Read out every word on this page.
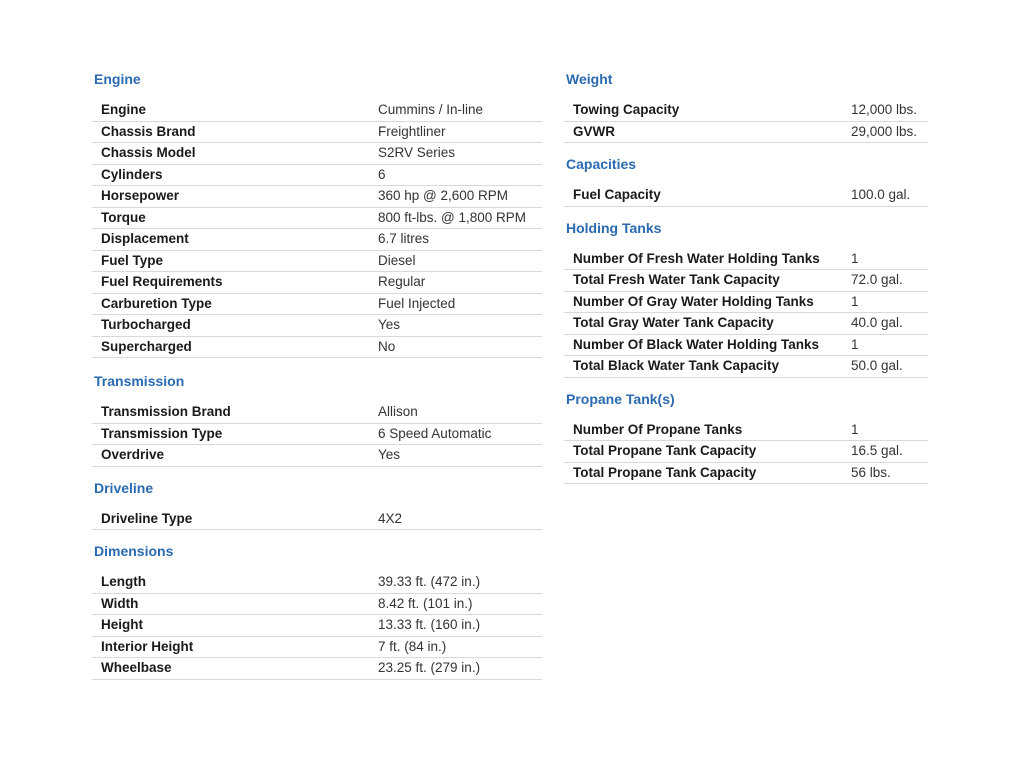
Engine
Engine	Cummins / In-line
Chassis Brand	Freightliner
Chassis Model	S2RV Series
Cylinders	6
Horsepower	360 hp @ 2,600 RPM
Torque	800 ft-lbs. @ 1,800 RPM
Displacement	6.7 litres
Fuel Type	Diesel
Fuel Requirements	Regular
Carburetion Type	Fuel Injected
Turbocharged	Yes
Supercharged	No
Transmission
Transmission Brand	Allison
Transmission Type	6 Speed Automatic
Overdrive	Yes
Driveline
Driveline Type	4X2
Dimensions
Length	39.33 ft. (472 in.)
Width	8.42 ft. (101 in.)
Height	13.33 ft. (160 in.)
Interior Height	7 ft. (84 in.)
Wheelbase	23.25 ft. (279 in.)
Weight
Towing Capacity	12,000 lbs.
GVWR	29,000 lbs.
Capacities
Fuel Capacity	100.0 gal.
Holding Tanks
Number Of Fresh Water Holding Tanks	1
Total Fresh Water Tank Capacity	72.0 gal.
Number Of Gray Water Holding Tanks	1
Total Gray Water Tank Capacity	40.0 gal.
Number Of Black Water Holding Tanks	1
Total Black Water Tank Capacity	50.0 gal.
Propane Tank(s)
Number Of Propane Tanks	1
Total Propane Tank Capacity	16.5 gal.
Total Propane Tank Capacity	56 lbs.
